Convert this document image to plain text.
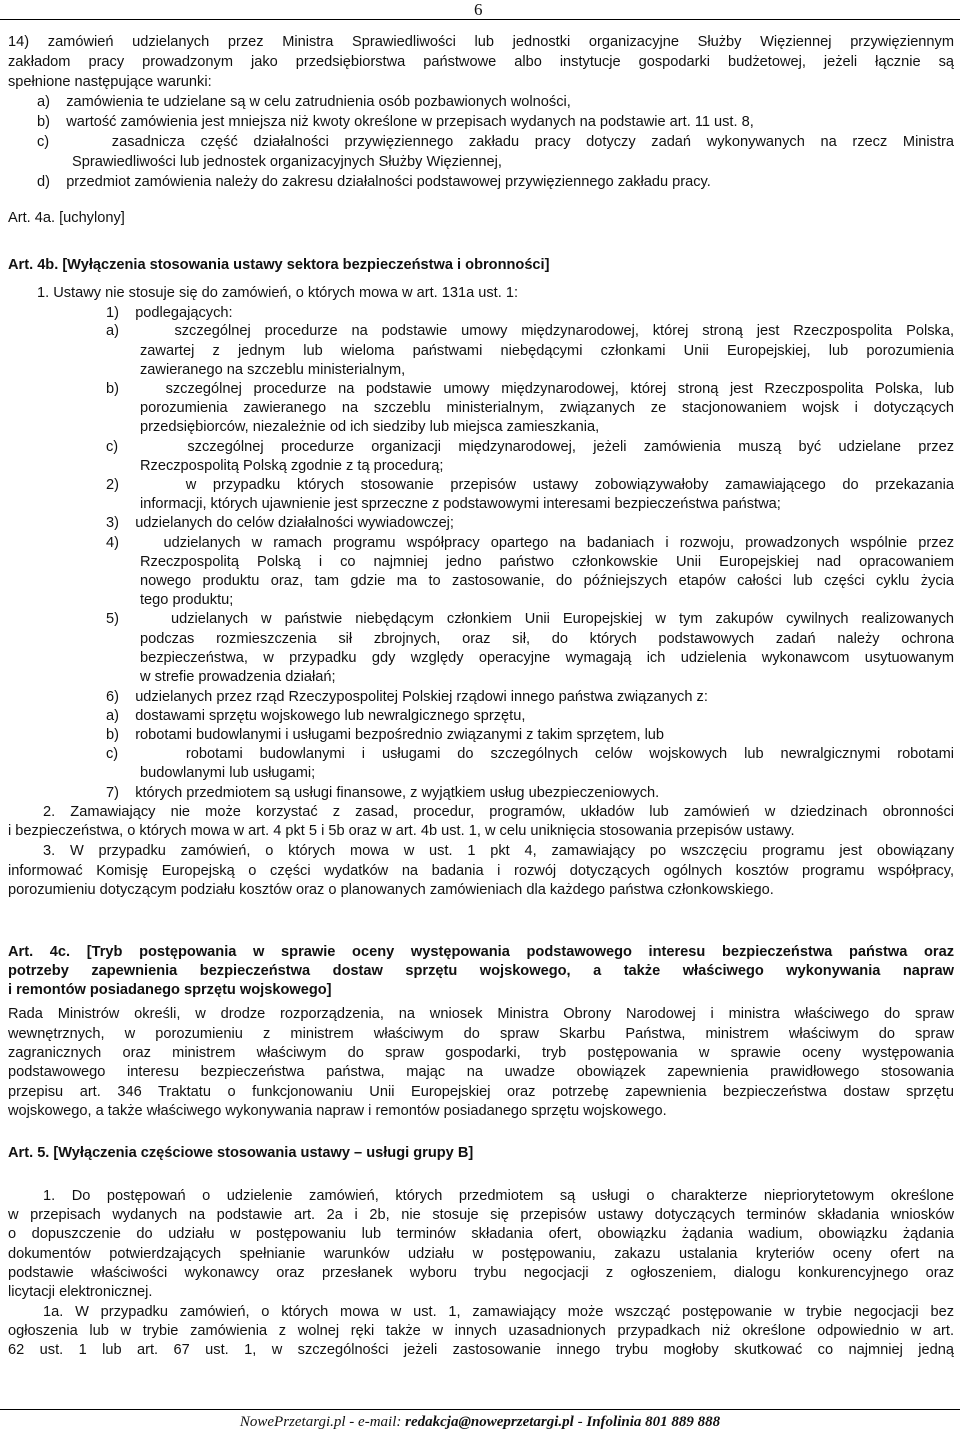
6
14) zamówień udzielanych przez Ministra Sprawiedliwości lub jednostki organizacyjne Służby Więziennej przywięziennym
zakładom pracy prowadzonym jako przedsiębiorstwa państwowe albo instytucje gospodarki budżetowej, jeżeli łącznie są
spełnione następujące warunki:
a)    zamówienia te udzielane są w celu zatrudnienia osób pozbawionych wolności,
b)    wartość zamówienia jest mniejsza niż kwoty określone w przepisach wydanych na podstawie art. 11 ust. 8,
c)    zasadnicza część działalności przywięziennego zakładu pracy dotyczy zadań wykonywanych na rzecz Ministra
Sprawiedliwości lub jednostek organizacyjnych Służby Więziennej,
d)    przedmiot zamówienia należy do zakresu działalności podstawowej przywięziennego zakładu pracy.
Art. 4a. [uchylony]
Art. 4b. [Wyłączenia stosowania ustawy sektora bezpieczeństwa i obronności]
1. Ustawy nie stosuje się do zamówień, o których mowa w art. 131a ust. 1:
1)    podlegających:
a)    szczególnej procedurze na podstawie umowy międzynarodowej, której stroną jest Rzeczpospolita Polska,
zawartej z jednym lub wieloma państwami niebędącymi członkami Unii Europejskiej, lub porozumienia
zawieranego na szczeblu ministerialnym,
b)    szczególnej procedurze na podstawie umowy międzynarodowej, której stroną jest Rzeczpospolita Polska, lub
porozumienia zawieranego na szczeblu ministerialnym, związanych ze stacjonowaniem wojsk i dotyczących
przedsiębiorców, niezależnie od ich siedziby lub miejsca zamieszkania,
c)    szczególnej procedurze organizacji międzynarodowej, jeżeli zamówienia muszą być udzielane przez
Rzeczpospolitą Polską zgodnie z tą procedurą;
2)    w przypadku których stosowanie przepisów ustawy zobowiązywałoby zamawiającego do przekazania
informacji, których ujawnienie jest sprzeczne z podstawowymi interesami bezpieczeństwa państwa;
3)    udzielanych do celów działalności wywiadowczej;
4)    udzielanych w ramach programu współpracy opartego na badaniach i rozwoju, prowadzonych wspólnie przez
Rzeczpospolitą Polską i co najmniej jedno państwo członkowskie Unii Europejskiej nad opracowaniem
nowego produktu oraz, tam gdzie ma to zastosowanie, do późniejszych etapów całości lub części cyklu życia
tego produktu;
5)    udzielanych w państwie niebędącym członkiem Unii Europejskiej w tym zakupów cywilnych realizowanych
podczas rozmieszczenia sił zbrojnych, oraz sił, do których podstawowych zadań należy ochrona
bezpieczeństwa, w przypadku gdy względy operacyjne wymagają ich udzielenia wykonawcom usytuowanym
w strefie prowadzenia działań;
6)    udzielanych przez rząd Rzeczypospolitej Polskiej rządowi innego państwa związanych z:
a)    dostawami sprzętu wojskowego lub newralgicznego sprzętu,
b)    robotami budowlanymi i usługami bezpośrednio związanymi z takim sprzętem, lub
c)    robotami budowlanymi i usługami do szczególnych celów wojskowych lub newralgicznymi robotami
budowlanymi lub usługami;
7)    których przedmiotem są usługi finansowe, z wyjątkiem usług ubezpieczeniowych.
2. Zamawiający nie może korzystać z zasad, procedur, programów, układów lub zamówień w dziedzinach obronności
i bezpieczeństwa, o których mowa w art. 4 pkt 5 i 5b oraz w art. 4b ust. 1, w celu uniknięcia stosowania przepisów ustawy.
3. W przypadku zamówień, o których mowa w ust. 1 pkt 4, zamawiający po wszczęciu programu jest obowiązany
informować Komisję Europejską o części wydatków na badania i rozwój dotyczących ogólnych kosztów programu współpracy,
porozumieniu dotyczącym podziału kosztów oraz o planowanych zamówieniach dla każdego państwa członkowskiego.
Art. 4c. [Tryb postępowania w sprawie oceny występowania podstawowego interesu bezpieczeństwa państwa oraz
potrzeby zapewnienia bezpieczeństwa dostaw sprzętu wojskowego, a także właściwego wykonywania napraw
i remontów posiadanego sprzętu wojskowego]
Rada Ministrów określi, w drodze rozporządzenia, na wniosek Ministra Obrony Narodowej i ministra właściwego do spraw
wewnętrznych, w porozumieniu z ministrem właściwym do spraw Skarbu Państwa, ministrem właściwym do spraw
zagranicznych oraz ministrem właściwym do spraw gospodarki, tryb postępowania w sprawie oceny występowania
podstawowego interesu bezpieczeństwa państwa, mając na uwadze obowiązek zapewnienia prawidłowego stosowania
przepisu art. 346 Traktatu o funkcjonowaniu Unii Europejskiej oraz potrzebę zapewnienia bezpieczeństwa dostaw sprzętu
wojskowego, a także właściwego wykonywania napraw i remontów posiadanego sprzętu wojskowego.
Art. 5. [Wyłączenia częściowe stosowania ustawy – usługi grupy B]
1. Do postępowań o udzielenie zamówień, których przedmiotem są usługi o charakterze niepriorytetowym określone
w przepisach wydanych na podstawie art. 2a i 2b, nie stosuje się przepisów ustawy dotyczących terminów składania wniosków
o dopuszczenie do udziału w postępowaniu lub terminów składania ofert, obowiązku żądania wadium, obowiązku żądania
dokumentów potwierdzających spełnianie warunków udziału w postępowaniu, zakazu ustalania kryteriów oceny ofert na
podstawie właściwości wykonawcy oraz przesłanek wyboru trybu negocjacji z ogłoszeniem, dialogu konkurencyjnego oraz
licytacji elektronicznej.
1a. W przypadku zamówień, o których mowa w ust. 1, zamawiający może wszcząć postępowanie w trybie negocjacji bez
ogłoszenia lub w trybie zamówienia z wolnej ręki także w innych uzasadnionych przypadkach niż określone odpowiednio w art.
62 ust. 1 lub art. 67 ust. 1, w szczególności jeżeli zastosowanie innego trybu mogłoby skutkować co najmniej jedną
NowePrzetargi.pl - e-mail: redakcja@noweprzetargi.pl - Infolinia 801 889 888
